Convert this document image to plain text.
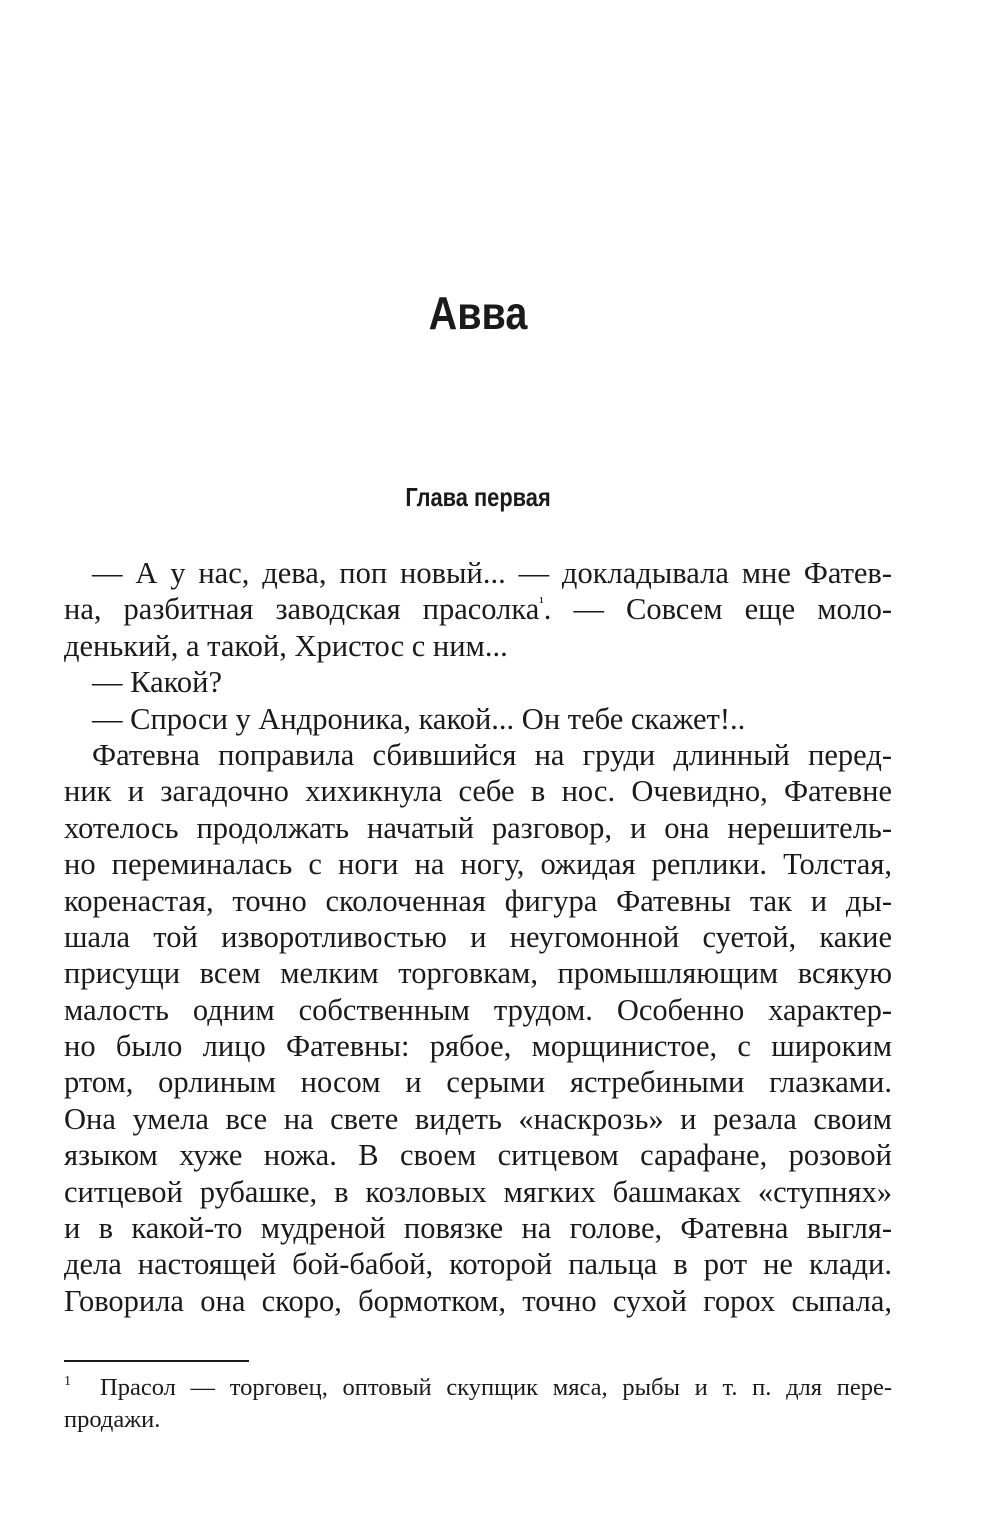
Авва
Глава первая
— А у нас, дева, поп новый... — докладывала мне Фатев-
на, разбитная заводская прасолка$^{^1}$. — Совсем еще моло-
денький, а такой, Христос с ним...
— Какой?
— Спроси у Андроника, какой... Он тебе скажет!..
Фатевна поправила сбившийся на груди длинный перед-
ник и загадочно хихикнула себе в нос. Очевидно, Фатевне
хотелось продолжать начатый разговор, и она нерешитель-
но переминалась с ноги на ногу, ожидая реплики. Толстая,
коренастая, точно сколоченная фигура Фатевны так и ды-
шала той изворотливостью и неугомонной суетой, какие
присущи всем мелким торговкам, промышляющим всякую
малость одним собственным трудом. Особенно характер-
но было лицо Фатевны: рябое, морщинистое, с широким
ртом, орлиным носом и серыми ястребиными глазками.
Она умела все на свете видеть «наскрозь» и резала своим
языком хуже ножа. В своем ситцевом сарафане, розовой
ситцевой рубашке, в козловых мягких башмаках «ступнях»
и в какой-то мудреной повязке на голове, Фатевна выгля-
дела настоящей бой-бабой, которой пальца в рот не клади.
Говорила она скоро, бормотком, точно сухой горох сыпала,
1 Прасол — торговец, оптовый скупщик мяса, рыбы и т. п. для пере-
продажи.
